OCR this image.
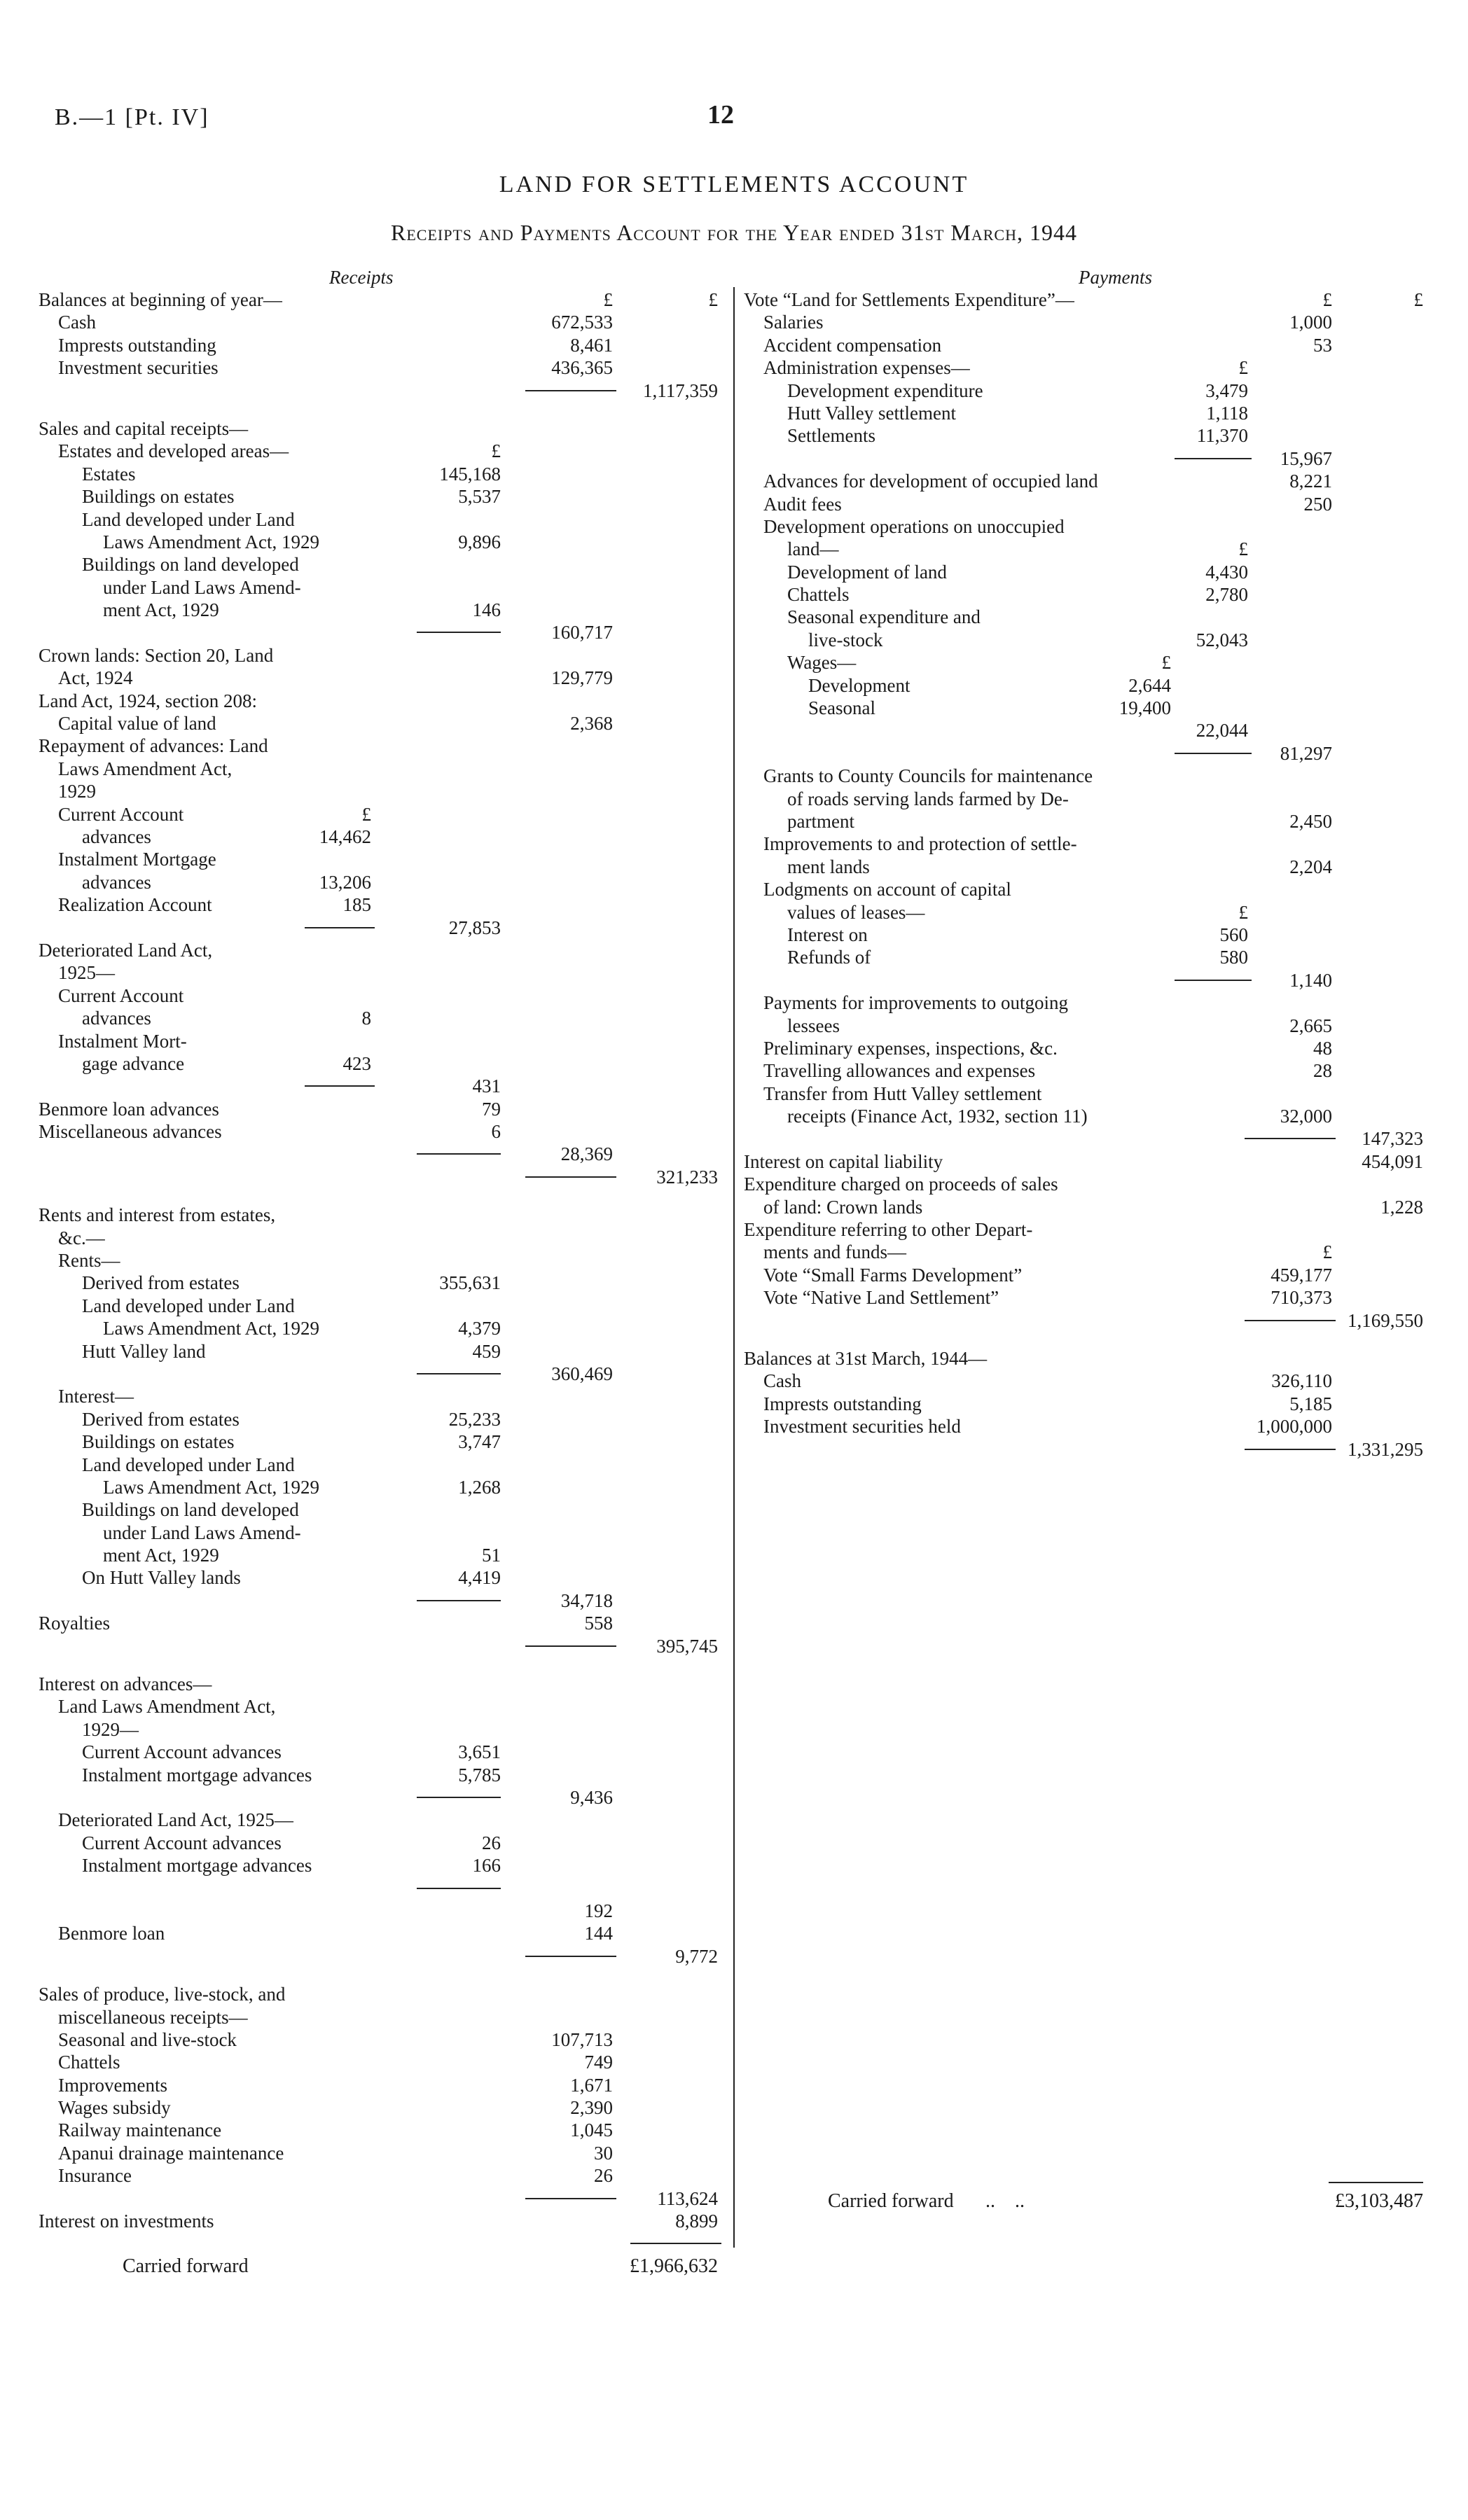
B.—1 [Pt. IV]	12
LAND FOR SETTLEMENTS ACCOUNT
Receipts and Payments Account for the Year ended 31st March, 1944
Receipts	Payments
Balances at beginning of year—	£	£
Cash	672,533
Imprests outstanding	8,461
Investment securities	436,365
1,117,359
Sales and capital receipts—
Estates and developed areas—	£
Estates	145,168
Buildings on estates	5,537
Land developed under Land
Laws Amendment Act, 1929	9,896
Buildings on land developed
under Land Laws Amend-
ment Act, 1929	146
160,717
Crown lands: Section 20, Land
Act, 1924	129,779
Land Act, 1924, section 208:
Capital value of land	2,368
Repayment of advances: Land
Laws Amendment Act,
1929
Current Account	£
advances	14,462
Instalment Mortgage
advances	13,206
Realization Account	185
27,853
Deteriorated Land Act,
1925—
Current Account
advances	8
Instalment Mort-
gage advance	423
431
Benmore loan advances	79
Miscellaneous advances	6
28,369
321,233
Rents and interest from estates,
&c.—
Rents—
Derived from estates	355,631
Land developed under Land
Laws Amendment Act, 1929	4,379
Hutt Valley land	459
360,469
Interest—
Derived from estates	25,233
Buildings on estates	3,747
Land developed under Land
Laws Amendment Act, 1929	1,268
Buildings on land developed
under Land Laws Amend-
ment Act, 1929	51
On Hutt Valley lands	4,419
34,718
Royalties	558
395,745
Interest on advances—
Land Laws Amendment Act,
1929—
Current Account advances	3,651
Instalment mortgage advances	5,785
9,436
Deteriorated Land Act, 1925—
Current Account advances	26
Instalment mortgage advances	166
192
Benmore loan	144
9,772
Sales of produce, live-stock, and
miscellaneous receipts—
Seasonal and live-stock	107,713
Chattels	749
Improvements	1,671
Wages subsidy	2,390
Railway maintenance	1,045
Apanui drainage maintenance	30
Insurance	26
113,624
Interest on investments	8,899
Carried forward	£1,966,632
Vote “Land for Settlements Expenditure”—	£	£
Salaries	1,000
Accident compensation	53
Administration expenses—	£
Development expenditure	3,479
Hutt Valley settlement	1,118
Settlements	11,370
15,967
Advances for development of occupied land	8,221
Audit fees	250
Development operations on unoccupied
land—	£
Development of land	4,430
Chattels	2,780
Seasonal expenditure and
live-stock	52,043
Wages—	£
Development	2,644
Seasonal	19,400
22,044
81,297
Grants to County Councils for maintenance
of roads serving lands farmed by De-
partment	2,450
Improvements to and protection of settle-
ment lands	2,204
Lodgments on account of capital
values of leases—	£
Interest on	560
Refunds of	580
1,140
Payments for improvements to outgoing
lessees	2,665
Preliminary expenses, inspections, &c.	48
Travelling allowances and expenses	28
Transfer from Hutt Valley settlement
receipts (Finance Act, 1932, section 11)	32,000
147,323
Interest on capital liability	454,091
Expenditure charged on proceeds of sales
of land: Crown lands	1,228
Expenditure referring to other Depart-
ments and funds—	£
Vote “Small Farms Development”	459,177
Vote “Native Land Settlement”	710,373
1,169,550
Balances at 31st March, 1944—
Cash	326,110
Imprests outstanding	5,185
Investment securities held	1,000,000
1,331,295
Carried forward ..    ..	£3,103,487
